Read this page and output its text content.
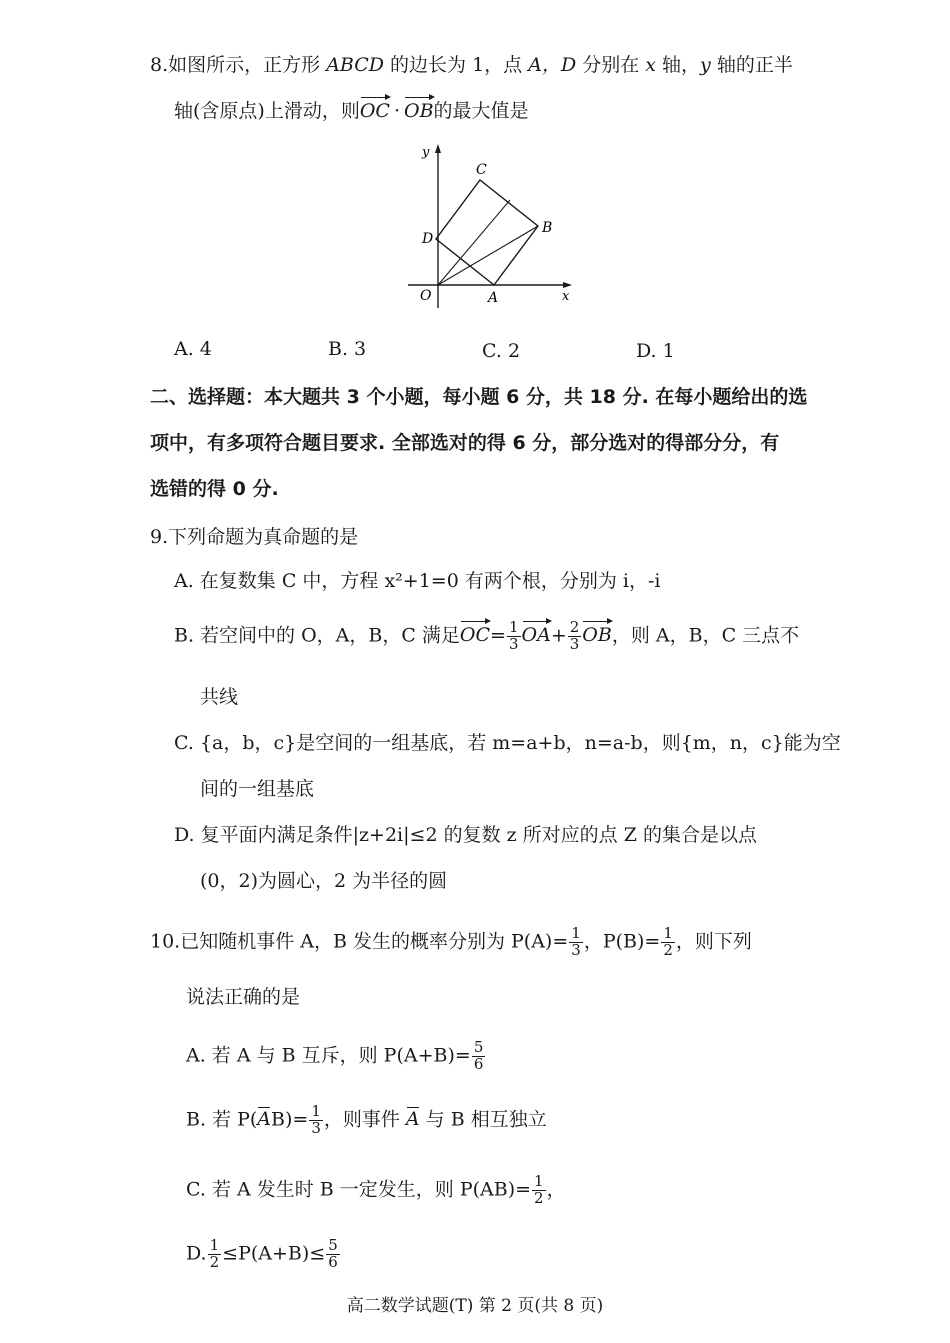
8.如图所示，正方形 ABCD 的边长为 1，点 A，D 分别在 x 轴，y 轴的正半
轴(含原点)上滑动，则OC · OB的最大值是
y
x
O	A
B
C
D
A. 4	B. 3	C. 2	D. 1
二、选择题：本大题共 3 个小题，每小题 6 分，共 18 分. 在每小题给出的选
项中，有多项符合题目要求. 全部选对的得 6 分，部分选对的得部分分，有
选错的得 0 分.
9.下列命题为真命题的是
A. 在复数集 C 中，方程 x²+1=0 有两个根，分别为 i，-i
B. 若空间中的 O，A，B，C 满足$OC= \frac{1}{3} OA+ \frac{2}{3}$ OB，则 A，B，C 三点不
共线
C. {a，b，c}是空间的一组基底，若 m=a+b，n=a-b，则{m，n，c}能为空
间的一组基底
D. 复平面内满足条件|z+2i|≤2 的复数 z 所对应的点 Z 的集合是以点
(0，2)为圆心，2 为半径的圆
10.已知随机事件 A，B 发生的概率分别为 $P(A)= \frac{1}{3}$ ，$P(B)= \frac{1}{2}$ ，则下列
说法正确的是
A. 若 A 与 B 互斥，则 $P(A+B)= \frac{5}{6}$
B. 若 $P(AB)= \frac{1}{3}$ ，则事件 A 与 B 相互独立
C. 若 A 发生时 B 一定发生，则 $P(AB)= \frac{1}{2}$ ，
D. $\frac{1}{2} \le P(A+B)\le \frac{5}{6}$
高二数学试题(T) 第 2 页(共 8 页)
